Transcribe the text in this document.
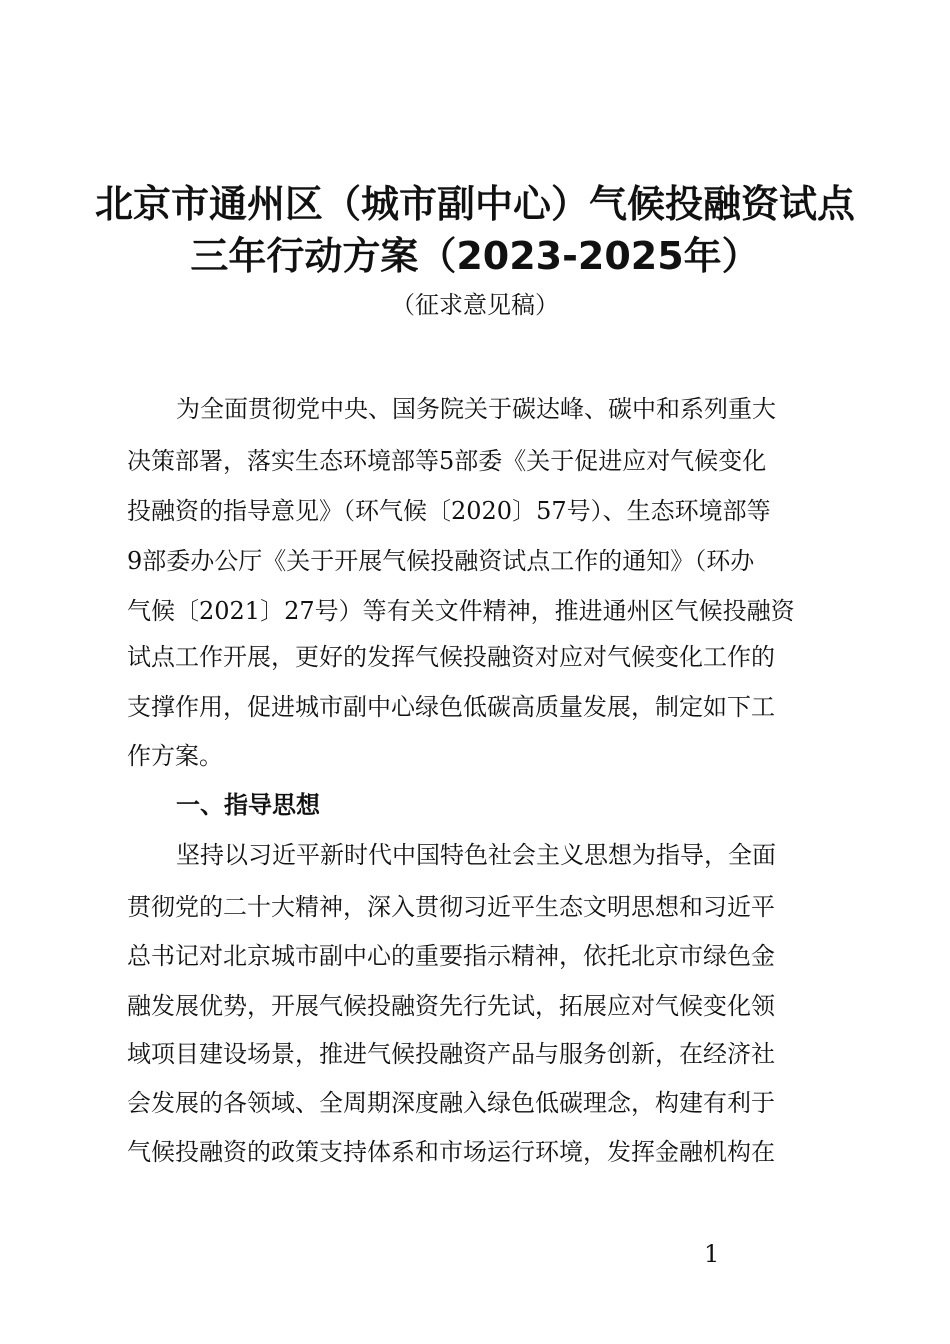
北京市通州区（城市副中心）气候投融资试点
三年行动方案（2023-2025年）
（征求意见稿）
为全面贯彻党中央、国务院关于碳达峰、碳中和系列重大
决策部署，落实生态环境部等5部委《关于促进应对气候变化
投融资的指导意见》（环气候〔2020〕57号）、生态环境部等
9部委办公厅《关于开展气候投融资试点工作的通知》（环办
气候〔2021〕27号）等有关文件精神，推进通州区气候投融资
试点工作开展，更好的发挥气候投融资对应对气候变化工作的
支撑作用，促进城市副中心绿色低碳高质量发展，制定如下工
作方案。
一、指导思想
坚持以习近平新时代中国特色社会主义思想为指导，全面
贯彻党的二十大精神，深入贯彻习近平生态文明思想和习近平
总书记对北京城市副中心的重要指示精神，依托北京市绿色金
融发展优势，开展气候投融资先行先试，拓展应对气候变化领
域项目建设场景，推进气候投融资产品与服务创新，在经济社
会发展的各领域、全周期深度融入绿色低碳理念，构建有利于
气候投融资的政策支持体系和市场运行环境，发挥金融机构在
1
